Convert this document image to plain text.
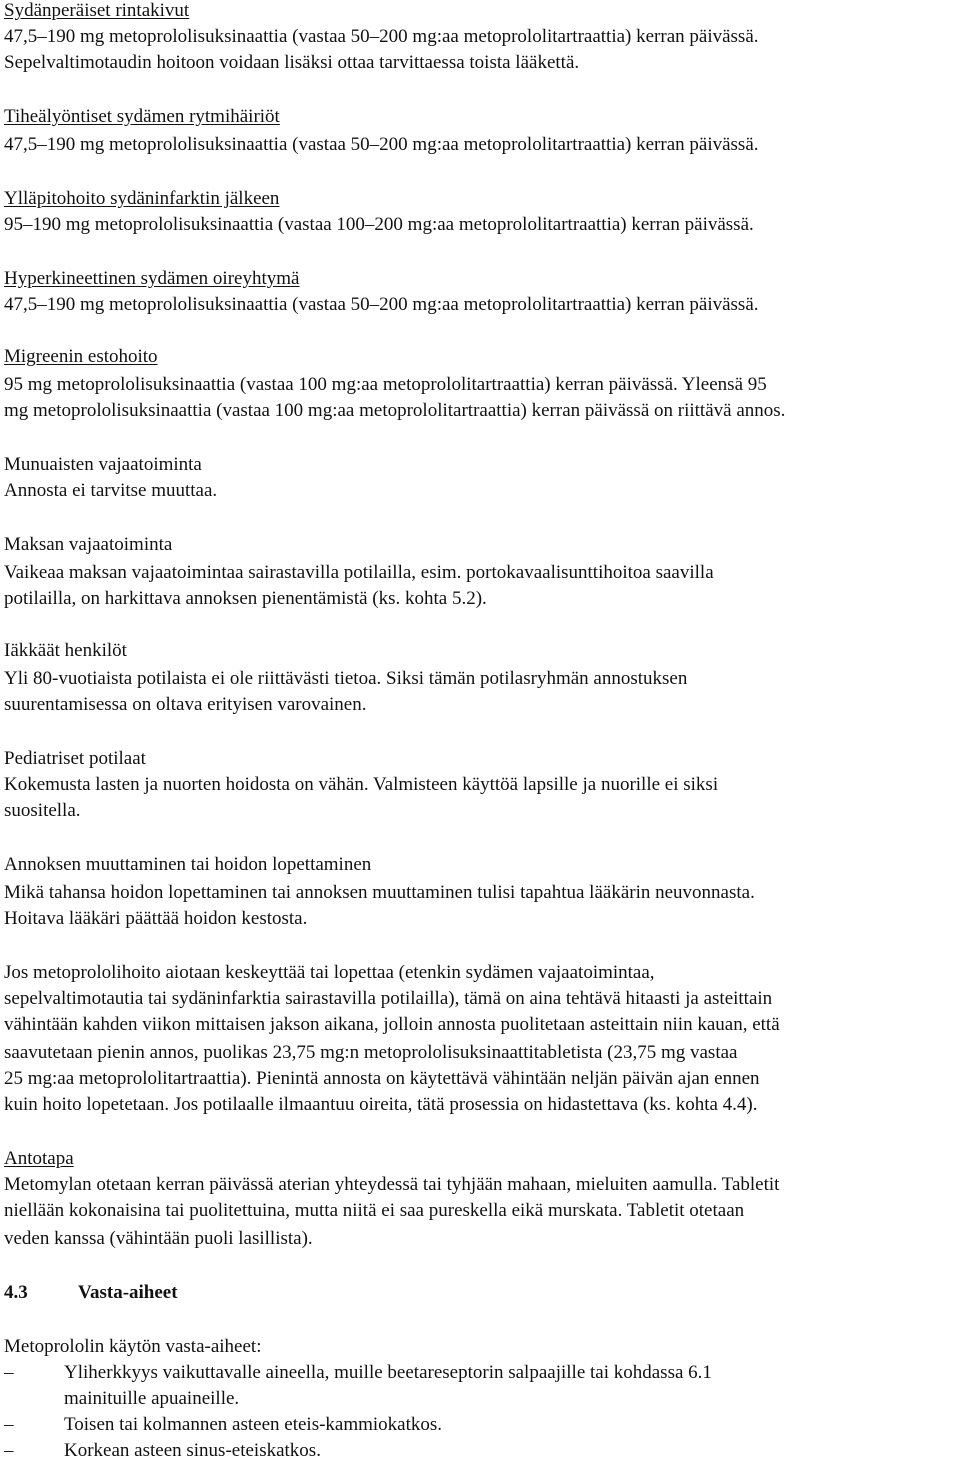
Sydänperäiset rintakivut
47,5–190 mg metoprololisuksinaattia (vastaa 50–200 mg:aa metoprololitartraattia) kerran päivässä.
Sepelvaltimotaudin hoitoon voidaan lisäksi ottaa tarvittaessa toista lääkettä.
Tiheälyöntiset sydämen rytmihäiriöt
47,5–190 mg metoprololisuksinaattia (vastaa 50–200 mg:aa metoprololitartraattia) kerran päivässä.
Ylläpitohoito sydäninfarktin jälkeen
95–190 mg metoprololisuksinaattia (vastaa 100–200 mg:aa metoprololitartraattia) kerran päivässä.
Hyperkineettinen sydämen oireyhtymä
47,5–190 mg metoprololisuksinaattia (vastaa 50–200 mg:aa metoprololitartraattia) kerran päivässä.
Migreenin estohoito
95 mg metoprololisuksinaattia (vastaa 100 mg:aa metoprololitartraattia) kerran päivässä. Yleensä 95
mg metoprololisuksinaattia (vastaa 100 mg:aa metoprololitartraattia) kerran päivässä on riittävä annos.
Munuaisten vajaatoiminta
Annosta ei tarvitse muuttaa.
Maksan vajaatoiminta
Vaikeaa maksan vajaatoimintaa sairastavilla potilailla, esim. portokavaalisunttihoitoa saavilla
potilailla, on harkittava annoksen pienentämistä (ks. kohta 5.2).
Iäkkäät henkilöt
Yli 80-vuotiaista potilaista ei ole riittävästi tietoa. Siksi tämän potilasryhmän annostuksen
suurentamisessa on oltava erityisen varovainen.
Pediatriset potilaat
Kokemusta lasten ja nuorten hoidosta on vähän. Valmisteen käyttöä lapsille ja nuorille ei siksi
suositella.
Annoksen muuttaminen tai hoidon lopettaminen
Mikä tahansa hoidon lopettaminen tai annoksen muuttaminen tulisi tapahtua lääkärin neuvonnasta.
Hoitava lääkäri päättää hoidon kestosta.
Jos metoprololihoito aiotaan keskeyttää tai lopettaa (etenkin sydämen vajaatoimintaa,
sepelvaltimotautia tai sydäninfarktia sairastavilla potilailla), tämä on aina tehtävä hitaasti ja asteittain
vähintään kahden viikon mittaisen jakson aikana, jolloin annosta puolitetaan asteittain niin kauan, että
saavutetaan pienin annos, puolikas 23,75 mg:n metoprololisuksinaattitabletista (23,75 mg vastaa
25 mg:aa metoprololitartraattia). Pienintä annosta on käytettävä vähintään neljän päivän ajan ennen
kuin hoito lopetetaan. Jos potilaalle ilmaantuu oireita, tätä prosessia on hidastettava (ks. kohta 4.4).
Antotapa
Metomylan otetaan kerran päivässä aterian yhteydessä tai tyhjään mahaan, mieluiten aamulla. Tabletit
niellään kokonaisina tai puolitettuina, mutta niitä ei saa pureskella eikä murskata. Tabletit otetaan
veden kanssa (vähintään puoli lasillista).
4.3	Vasta-aiheet
Metoprololin käytön vasta-aiheet:
–	Yliherkkyys vaikuttavalle aineella, muille beetareseptorin salpaajille tai kohdassa 6.1
mainituille apuaineille.
–	Toisen tai kolmannen asteen eteis-kammiokatkos.
–	Korkean asteen sinus-eteiskatkos.
